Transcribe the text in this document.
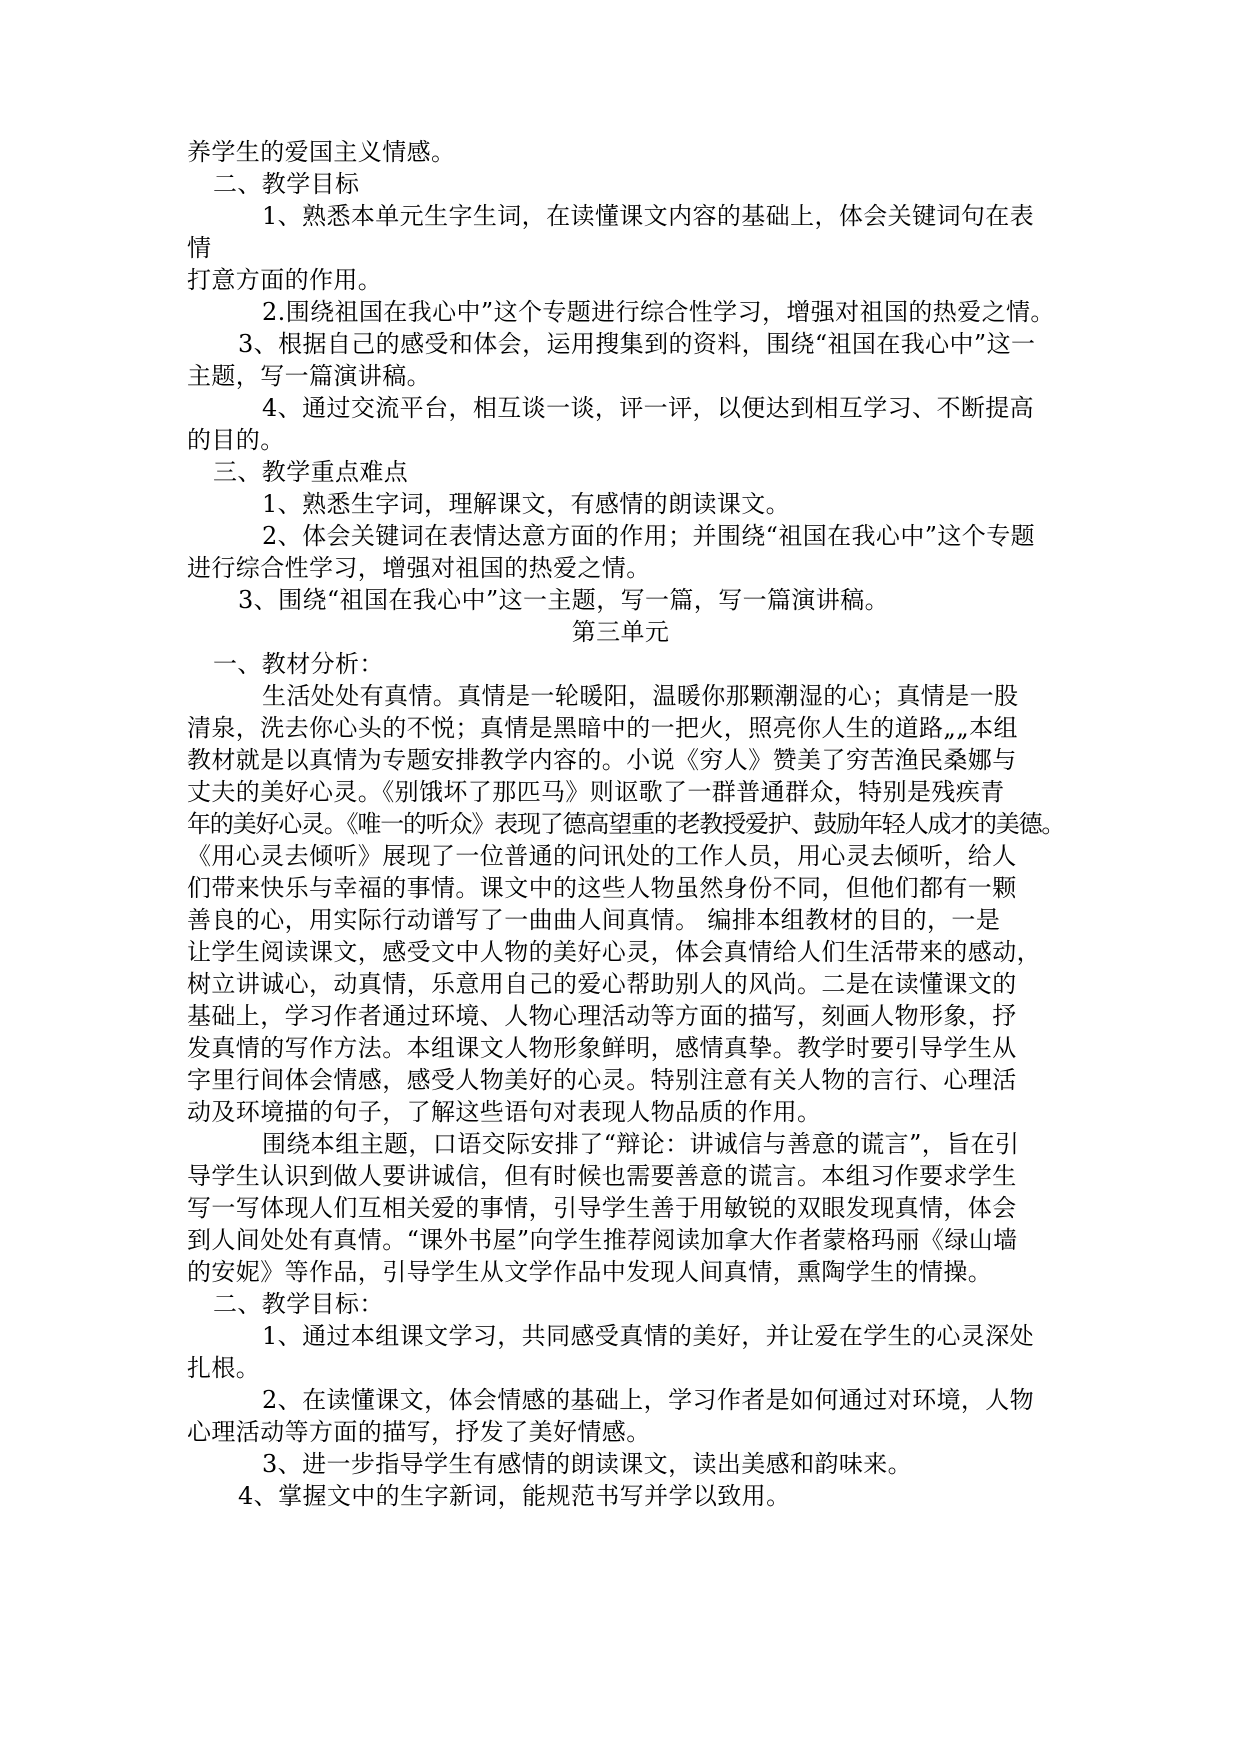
养学生的爱国主义情感。

二、教学目标

1、熟悉本单元生字生词，在读懂课文内容的基础上，体会关键词句在表

情

打意方面的作用。

2.围绕祖国在我心中”这个专题进行综合性学习，增强对祖国的热爱之情。

3、根据自己的感受和体会，运用搜集到的资料，围绕“祖国在我心中”这一

主题，写一篇演讲稿。

4、通过交流平台，相互谈一谈，评一评，以便达到相互学习、不断提高

的目的。

三、教学重点难点

1、熟悉生字词，理解课文，有感情的朗读课文。

2、体会关键词在表情达意方面的作用；并围绕“祖国在我心中”这个专题

进行综合性学习，增强对祖国的热爱之情。

3、围绕“祖国在我心中”这一主题，写一篇，写一篇演讲稿。

第三单元

一、教材分析：

生活处处有真情。真情是一轮暖阳，温暖你那颗潮湿的心；真情是一股

清泉，洗去你心头的不悦；真情是黑暗中的一把火，照亮你人生的道路„„本组

教材就是以真情为专题安排教学内容的。小说《穷人》赞美了穷苦渔民桑娜与

丈夫的美好心灵。《别饿坏了那匹马》则讴歌了一群普通群众，特别是残疾青

年的美好心灵。《唯一的听众》表现了德高望重的老教授爱护、鼓励年轻人成才的美德。

《用心灵去倾听》展现了一位普通的问讯处的工作人员，用心灵去倾听，给人

们带来快乐与幸福的事情。课文中的这些人物虽然身份不同，但他们都有一颗

善良的心，用实际行动谱写了一曲曲人间真情。 编排本组教材的目的，一是

让学生阅读课文，感受文中人物的美好心灵，体会真情给人们生活带来的感动，

树立讲诚心，动真情，乐意用自己的爱心帮助别人的风尚。二是在读懂课文的

基础上，学习作者通过环境、人物心理活动等方面的描写，刻画人物形象，抒

发真情的写作方法。本组课文人物形象鲜明，感情真挚。教学时要引导学生从

字里行间体会情感，感受人物美好的心灵。特别注意有关人物的言行、心理活

动及环境描的句子，了解这些语句对表现人物品质的作用。

围绕本组主题，口语交际安排了“辩论：讲诚信与善意的谎言”，旨在引

导学生认识到做人要讲诚信，但有时候也需要善意的谎言。本组习作要求学生

写一写体现人们互相关爱的事情，引导学生善于用敏锐的双眼发现真情，体会

到人间处处有真情。“课外书屋”向学生推荐阅读加拿大作者蒙格玛丽《绿山墙

的安妮》等作品，引导学生从文学作品中发现人间真情，熏陶学生的情操。

二、教学目标：

1、通过本组课文学习，共同感受真情的美好，并让爱在学生的心灵深处

扎根。

2、在读懂课文，体会情感的基础上，学习作者是如何通过对环境，人物

心理活动等方面的描写，抒发了美好情感。

3、进一步指导学生有感情的朗读课文，读出美感和韵味来。

4、掌握文中的生字新词，能规范书写并学以致用。
